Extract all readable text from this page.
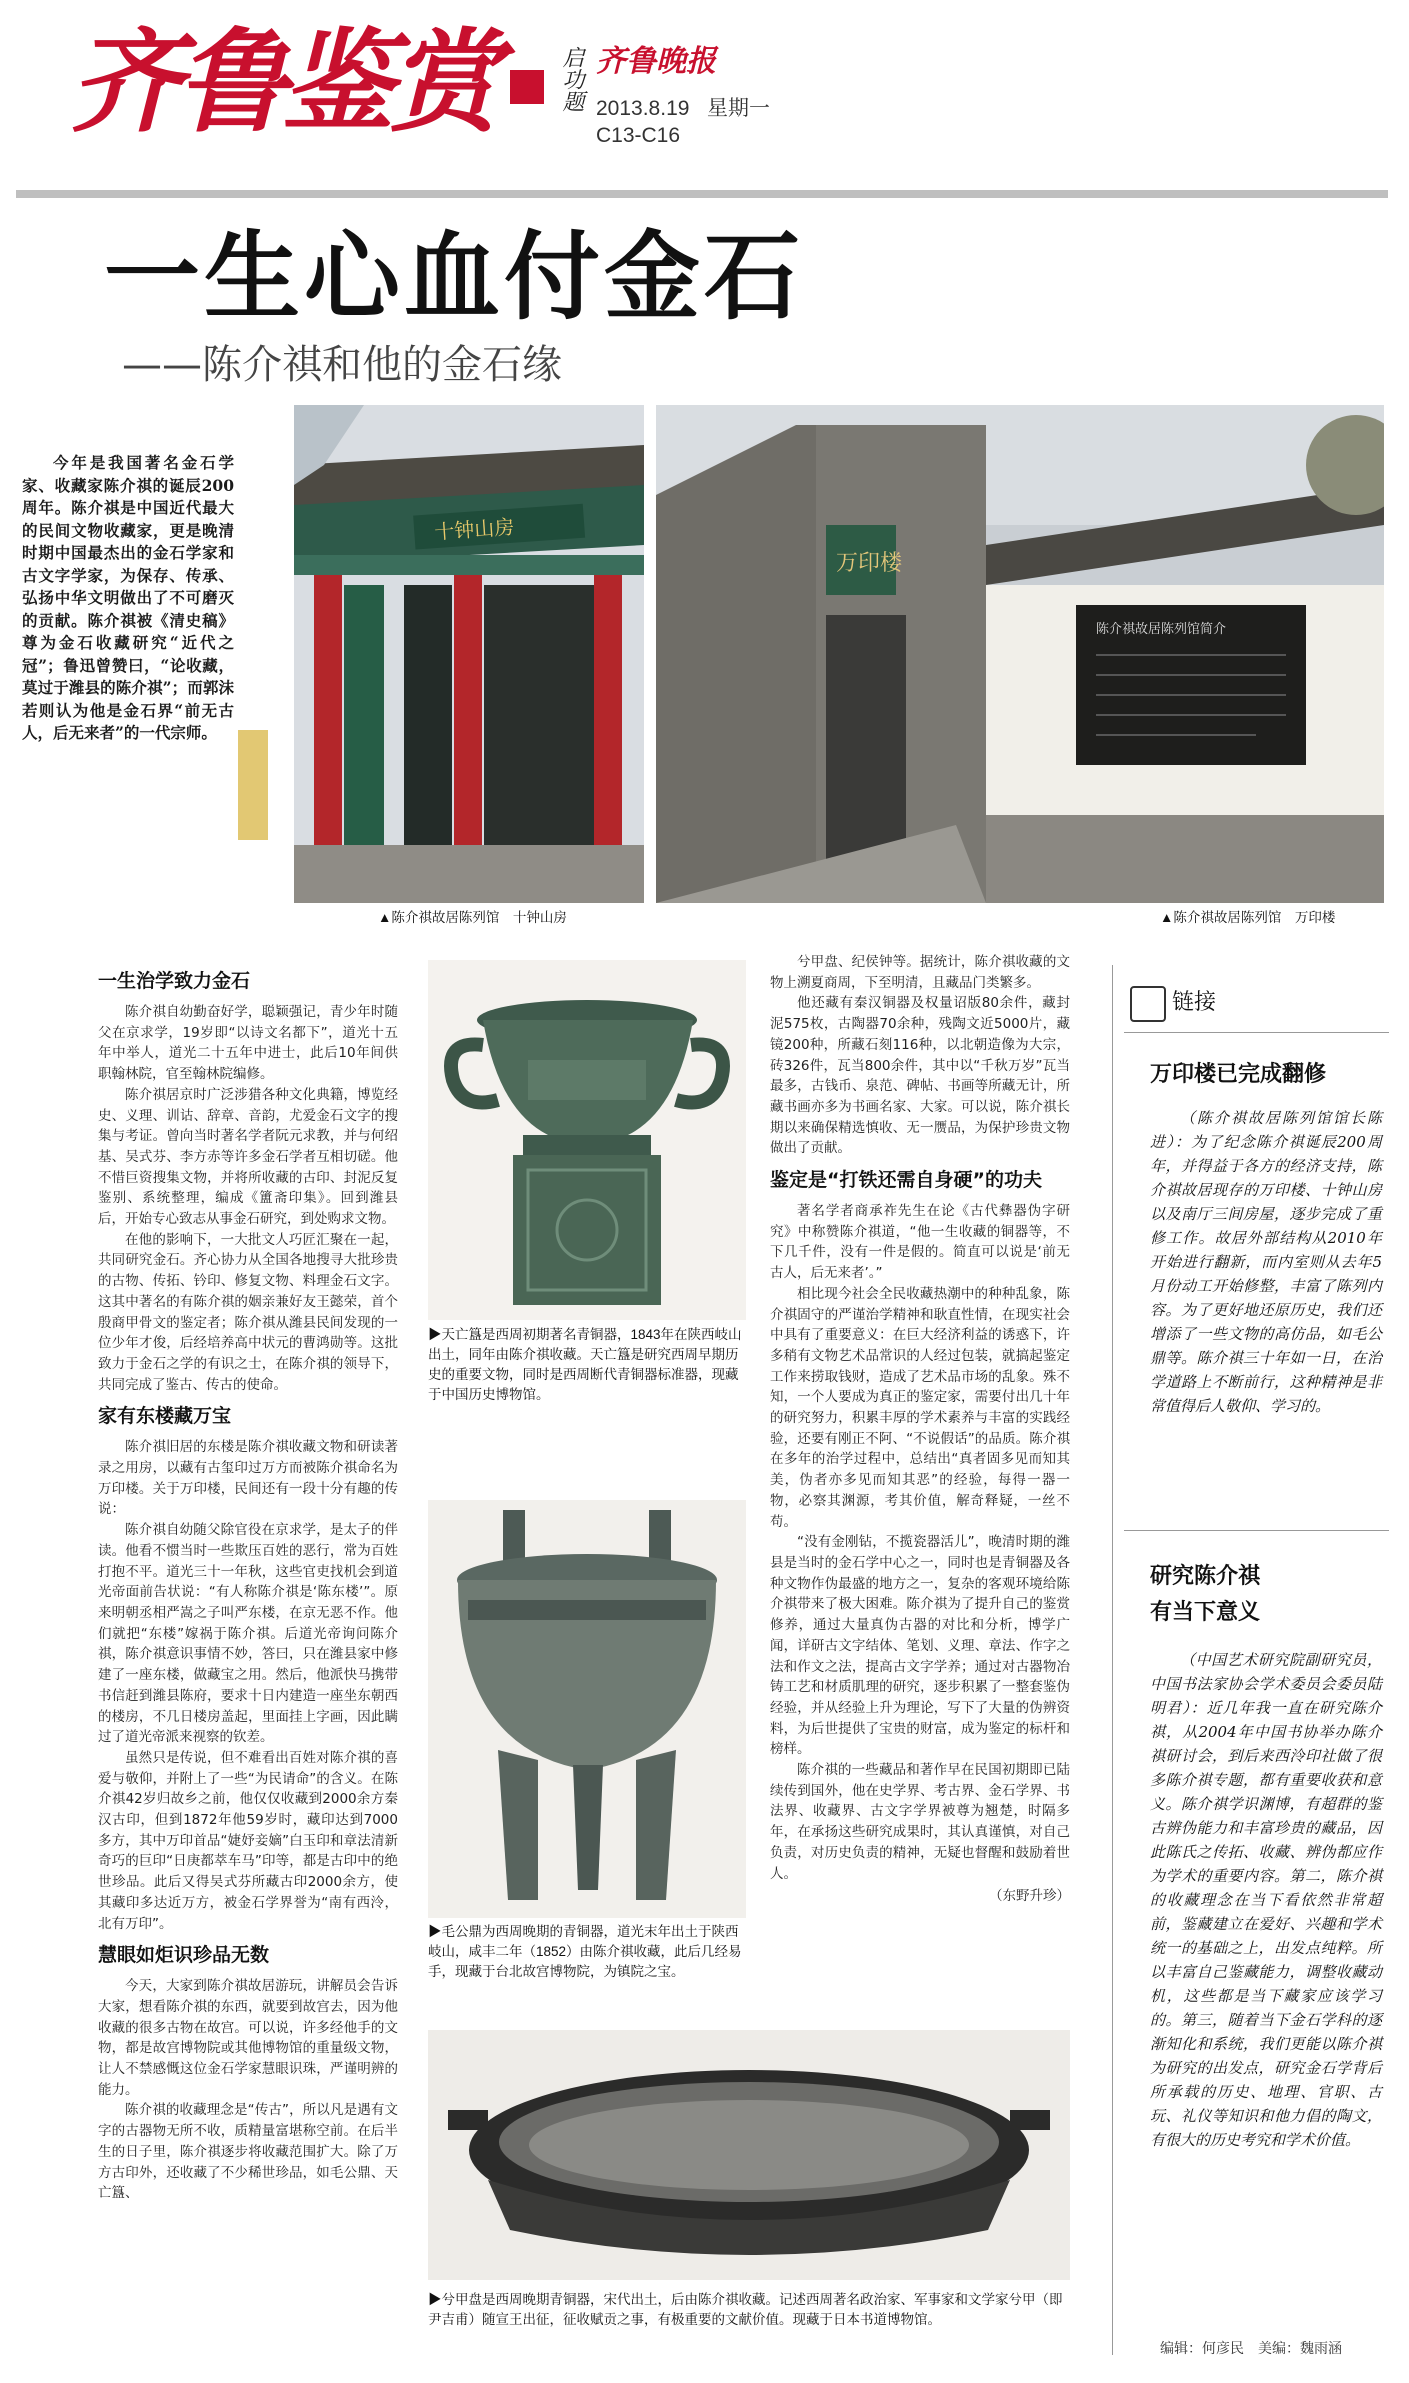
齐鲁鉴赏	启功题 齐鲁晚报
2013.8.19 星期一
C13-C16
一生心血付金石
——陈介祺和他的金石缘

今年是我国著名金石学家、收藏家陈介祺的诞辰200周年。陈介祺是中国近代最大的民间文物收藏家，更是晚清时期中国最杰出的金石学家和古文字学家，为保存、传承、弘扬中华文明做出了不可磨灭的贡献。陈介祺被《清史稿》尊为金石收藏研究“近代之冠”；鲁迅曾赞曰，“论收藏，莫过于潍县的陈介祺”；而郭沫若则认为他是金石界“前无古人，后无来者”的一代宗师。

十钟山房
▲陈介祺故居陈列馆　十钟山房
万印楼
陈介祺故居陈列馆简介
▲陈介祺故居陈列馆　万印楼
一生治学致力金石

陈介祺自幼勤奋好学，聪颖强记，青少年时随父在京求学，19岁即“以诗文名都下”，道光十五年中举人，道光二十五年中进士，此后10年间供职翰林院，官至翰林院编修。

陈介祺居京时广泛涉猎各种文化典籍，博览经史、义理、训诂、辞章、音韵，尤爱金石文字的搜集与考证。曾向当时著名学者阮元求教，并与何绍基、吴式芬、李方赤等许多金石学者互相切磋。他不惜巨资搜集文物，并将所收藏的古印、封泥反复鉴别、系统整理，编成《簠斋印集》。回到潍县后，开始专心致志从事金石研究，到处购求文物。

在他的影响下，一大批文人巧匠汇聚在一起，共同研究金石。齐心协力从全国各地搜寻大批珍贵的古物、传拓、钤印、修复文物、料理金石文字。这其中著名的有陈介祺的姻亲兼好友王懿荣，首个殷商甲骨文的鉴定者；陈介祺从潍县民间发现的一位少年才俊，后经培养高中状元的曹鸿勋等。这批致力于金石之学的有识之士，在陈介祺的领导下，共同完成了鉴古、传古的使命。

家有东楼藏万宝

陈介祺旧居的东楼是陈介祺收藏文物和研读著录之用房，以藏有古玺印过万方而被陈介祺命名为万印楼。关于万印楼，民间还有一段十分有趣的传说：

陈介祺自幼随父除官役在京求学，是太子的伴读。他看不惯当时一些欺压百姓的恶行，常为百姓打抱不平。道光三十一年秋，这些官吏找机会到道光帝面前告状说：“有人称陈介祺是‘陈东楼’”。原来明朝丞相严嵩之子叫严东楼，在京无恶不作。他们就把“东楼”嫁祸于陈介祺。后道光帝询问陈介祺，陈介祺意识事情不妙，答曰，只在潍县家中修建了一座东楼，做藏宝之用。然后，他派快马携带书信赶到潍县陈府，要求十日内建造一座坐东朝西的楼房，不几日楼房盖起，里面挂上字画，因此瞒过了道光帝派来视察的钦差。

虽然只是传说，但不难看出百姓对陈介祺的喜爱与敬仰，并附上了一些“为民请命”的含义。在陈介祺42岁归故乡之前，他仅仅收藏到2000余方秦汉古印，但到1872年他59岁时，藏印达到7000多方，其中万印首品“婕妤妾嫡”白玉印和章法清新奇巧的巨印“日庚都萃车马”印等，都是古印中的绝世珍品。此后又得吴式芬所藏古印2000余方，使其藏印多达近万方，被金石学界誉为“南有西泠，北有万印”。

慧眼如炬识珍品无数

今天，大家到陈介祺故居游玩，讲解员会告诉大家，想看陈介祺的东西，就要到故宫去，因为他收藏的很多古物在故宫。可以说，许多经他手的文物，都是故宫博物院或其他博物馆的重量级文物，让人不禁感慨这位金石学家慧眼识珠，严谨明辨的能力。

陈介祺的收藏理念是“传古”，所以凡是遇有文字的古器物无所不收，质精量富堪称空前。在后半生的日子里，陈介祺逐步将收藏范围扩大。除了万方古印外，还收藏了不少稀世珍品，如毛公鼎、天亡簋、

▶天亡簋是西周初期著名青铜器，1843年在陕西岐山出土，同年由陈介祺收藏。天亡簋是研究西周早期历史的重要文物，同时是西周断代青铜器标准器，现藏于中国历史博物馆。
▶毛公鼎为西周晚期的青铜器，道光末年出土于陕西岐山，咸丰二年（1852）由陈介祺收藏，此后几经易手，现藏于台北故宫博物院，为镇院之宝。

兮甲盘、纪侯钟等。据统计，陈介祺收藏的文物上溯夏商周，下至明清，且藏品门类繁多。

他还藏有秦汉铜器及权量诏版80余件，藏封泥575枚，古陶器70余种，残陶文近5000片，藏镜200种，所藏石刻116种，以北朝造像为大宗，砖326件，瓦当800余件，其中以“千秋万岁”瓦当最多，古钱币、泉范、碑帖、书画等所藏无计，所藏书画亦多为书画名家、大家。可以说，陈介祺长期以来确保精选慎收、无一赝品，为保护珍贵文物做出了贡献。

鉴定是“打铁还需自身硬”的功夫

著名学者商承祚先生在论《古代彝器伪字研究》中称赞陈介祺道，“他一生收藏的铜器等，不下几千件，没有一件是假的。简直可以说是‘前无古人，后无来者’。”

相比现今社会全民收藏热潮中的种种乱象，陈介祺固守的严谨治学精神和耿直性情，在现实社会中具有了重要意义：在巨大经济利益的诱惑下，许多稍有文物艺术品常识的人经过包装，就搞起鉴定工作来捞取钱财，造成了艺术品市场的乱象。殊不知，一个人要成为真正的鉴定家，需要付出几十年的研究努力，积累丰厚的学术素养与丰富的实践经验，还要有刚正不阿、“不说假话”的品质。陈介祺在多年的治学过程中，总结出“真者固多见而知其美，伪者亦多见而知其恶”的经验，每得一器一物，必察其渊源，考其价值，解奇释疑，一丝不苟。

“没有金刚钻，不揽瓷器活儿”，晚清时期的潍县是当时的金石学中心之一，同时也是青铜器及各种文物作伪最盛的地方之一，复杂的客观环境给陈介祺带来了极大困难。陈介祺为了提升自己的鉴赏修养，通过大量真伪古器的对比和分析，博学广闻，详研古文字结体、笔划、义理、章法、作字之法和作文之法，提高古文字学养；通过对古器物冶铸工艺和材质肌理的研究，逐步积累了一整套鉴伪经验，并从经验上升为理论，写下了大量的伪辨资料，为后世提供了宝贵的财富，成为鉴定的标杆和榜样。

陈介祺的一些藏品和著作早在民国初期即已陆续传到国外，他在史学界、考古界、金石学界、书法界、收藏界、古文字学界被尊为翘楚，时隔多年，在承扬这些研究成果时，其认真谨慎，对自己负责，对历史负责的精神，无疑也督醒和鼓励着世人。

（东野升珍）
▶兮甲盘是西周晚期青铜器，宋代出土，后由陈介祺收藏。记述西周著名政治家、军事家和文学家兮甲（即尹吉甫）随宣王出征，征收赋贡之事，有极重要的文献价值。现藏于日本书道博物馆。
链接
万印楼已完成翻修

（陈介祺故居陈列馆馆长陈进）：为了纪念陈介祺诞辰200周年，并得益于各方的经济支持，陈介祺故居现存的万印楼、十钟山房以及南厅三间房屋，逐步完成了重修工作。故居外部结构从2010年开始进行翻新，而内室则从去年5月份动工开始修整，丰富了陈列内容。为了更好地还原历史，我们还增添了一些文物的高仿品，如毛公鼎等。陈介祺三十年如一日，在治学道路上不断前行，这种精神是非常值得后人敬仰、学习的。

研究陈介祺
有当下意义

（中国艺术研究院副研究员，中国书法家协会学术委员会委员陆明君）：近几年我一直在研究陈介祺，从2004年中国书协举办陈介祺研讨会，到后来西泠印社做了很多陈介祺专题，都有重要收获和意义。陈介祺学识渊博，有超群的鉴古辨伪能力和丰富珍贵的藏品，因此陈氏之传拓、收藏、辨伪都应作为学术的重要内容。第二，陈介祺的收藏理念在当下看依然非常超前，鉴藏建立在爱好、兴趣和学术统一的基础之上，出发点纯粹。所以丰富自己鉴藏能力，调整收藏动机，这些都是当下藏家应该学习的。第三，随着当下金石学科的逐渐知化和系统，我们更能以陈介祺为研究的出发点，研究金石学背后所承载的历史、地理、官职、古玩、礼仪等知识和他力倡的陶文，有很大的历史考究和学术价值。

编辑：何彦民　美编：魏雨涵
